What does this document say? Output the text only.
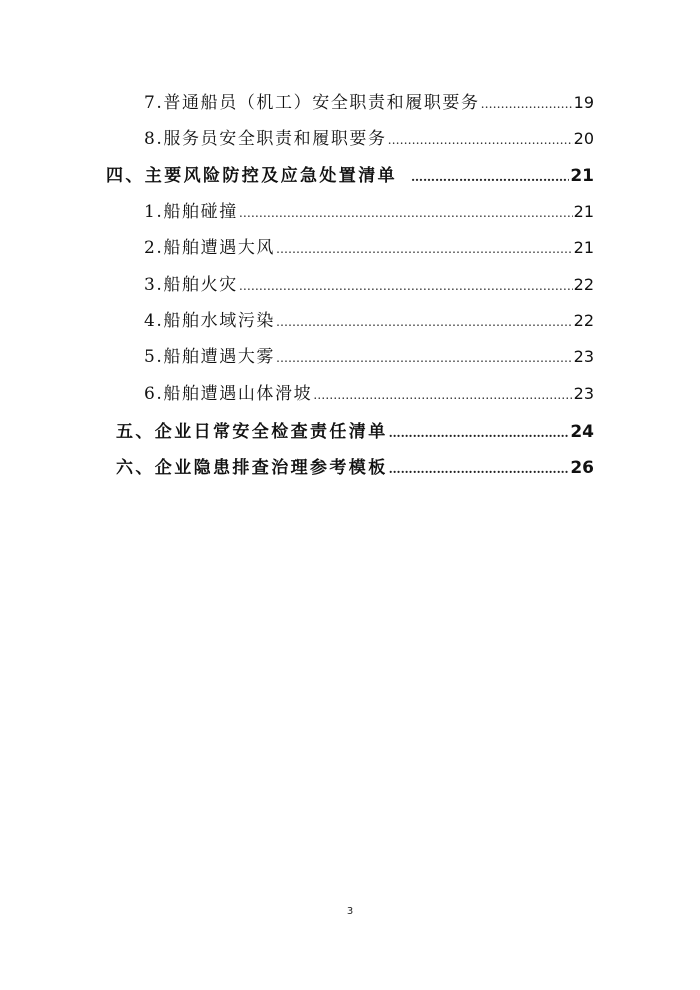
7.普通船员（机工）安全职责和履职要务 ……………………………………………………………………………………………………………………………………………………………………………………………………	19
8.服务员安全职责和履职要务 ……………………………………………………………………………………………………………………………………………………………………………………………………	20
四、主要风险防控及应急处置清单 ……………………………………………………………………………………………………………………………………………………………………………………………………	21
1.船舶碰撞 ……………………………………………………………………………………………………………………………………………………………………………………………………	21
2.船舶遭遇大风 ……………………………………………………………………………………………………………………………………………………………………………………………………	21
3.船舶火灾 ……………………………………………………………………………………………………………………………………………………………………………………………………	22
4.船舶水域污染 ……………………………………………………………………………………………………………………………………………………………………………………………………	22
5.船舶遭遇大雾 ……………………………………………………………………………………………………………………………………………………………………………………………………	23
6.船舶遭遇山体滑坡 ……………………………………………………………………………………………………………………………………………………………………………………………………	23
五、企业日常安全检查责任清单 ……………………………………………………………………………………………………………………………………………………………………………………………………	24
六、企业隐患排查治理参考模板 ……………………………………………………………………………………………………………………………………………………………………………………………………	26
3
